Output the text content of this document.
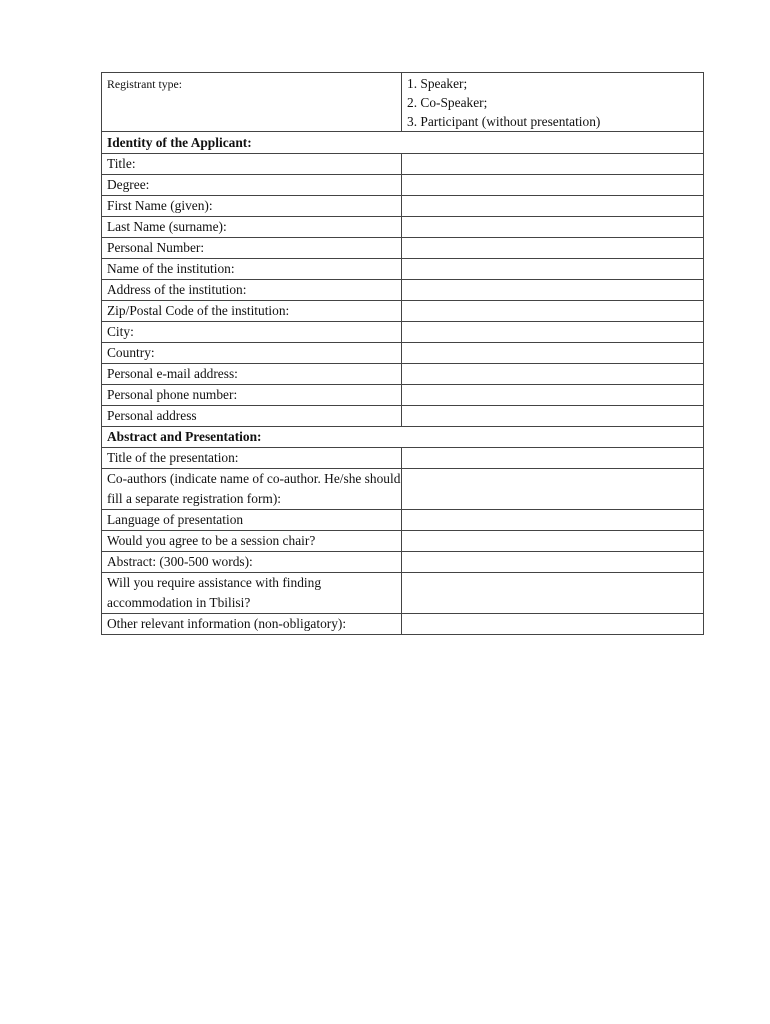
Registrant type:	1. Speaker;
2. Co-Speaker;
3. Participant (without presentation)

Identity of the Applicant:	
Title:	
Degree:	
First Name (given):	
Last Name (surname):	
Personal Number:	
Name of the institution:	
Address of the institution:	
Zip/Postal Code of the institution:	
City:	
Country:	
Personal e-mail address:	
Personal phone number:	
Personal address	
Abstract and Presentation:	
Title of the presentation:	
Co-authors (indicate name of co-author. He/she should fill a separate registration form):	
Language of presentation	
Would you agree to be a session chair?	
Abstract: (300-500 words):	
Will you require assistance with finding accommodation in Tbilisi?	
Other relevant information (non-obligatory):	
